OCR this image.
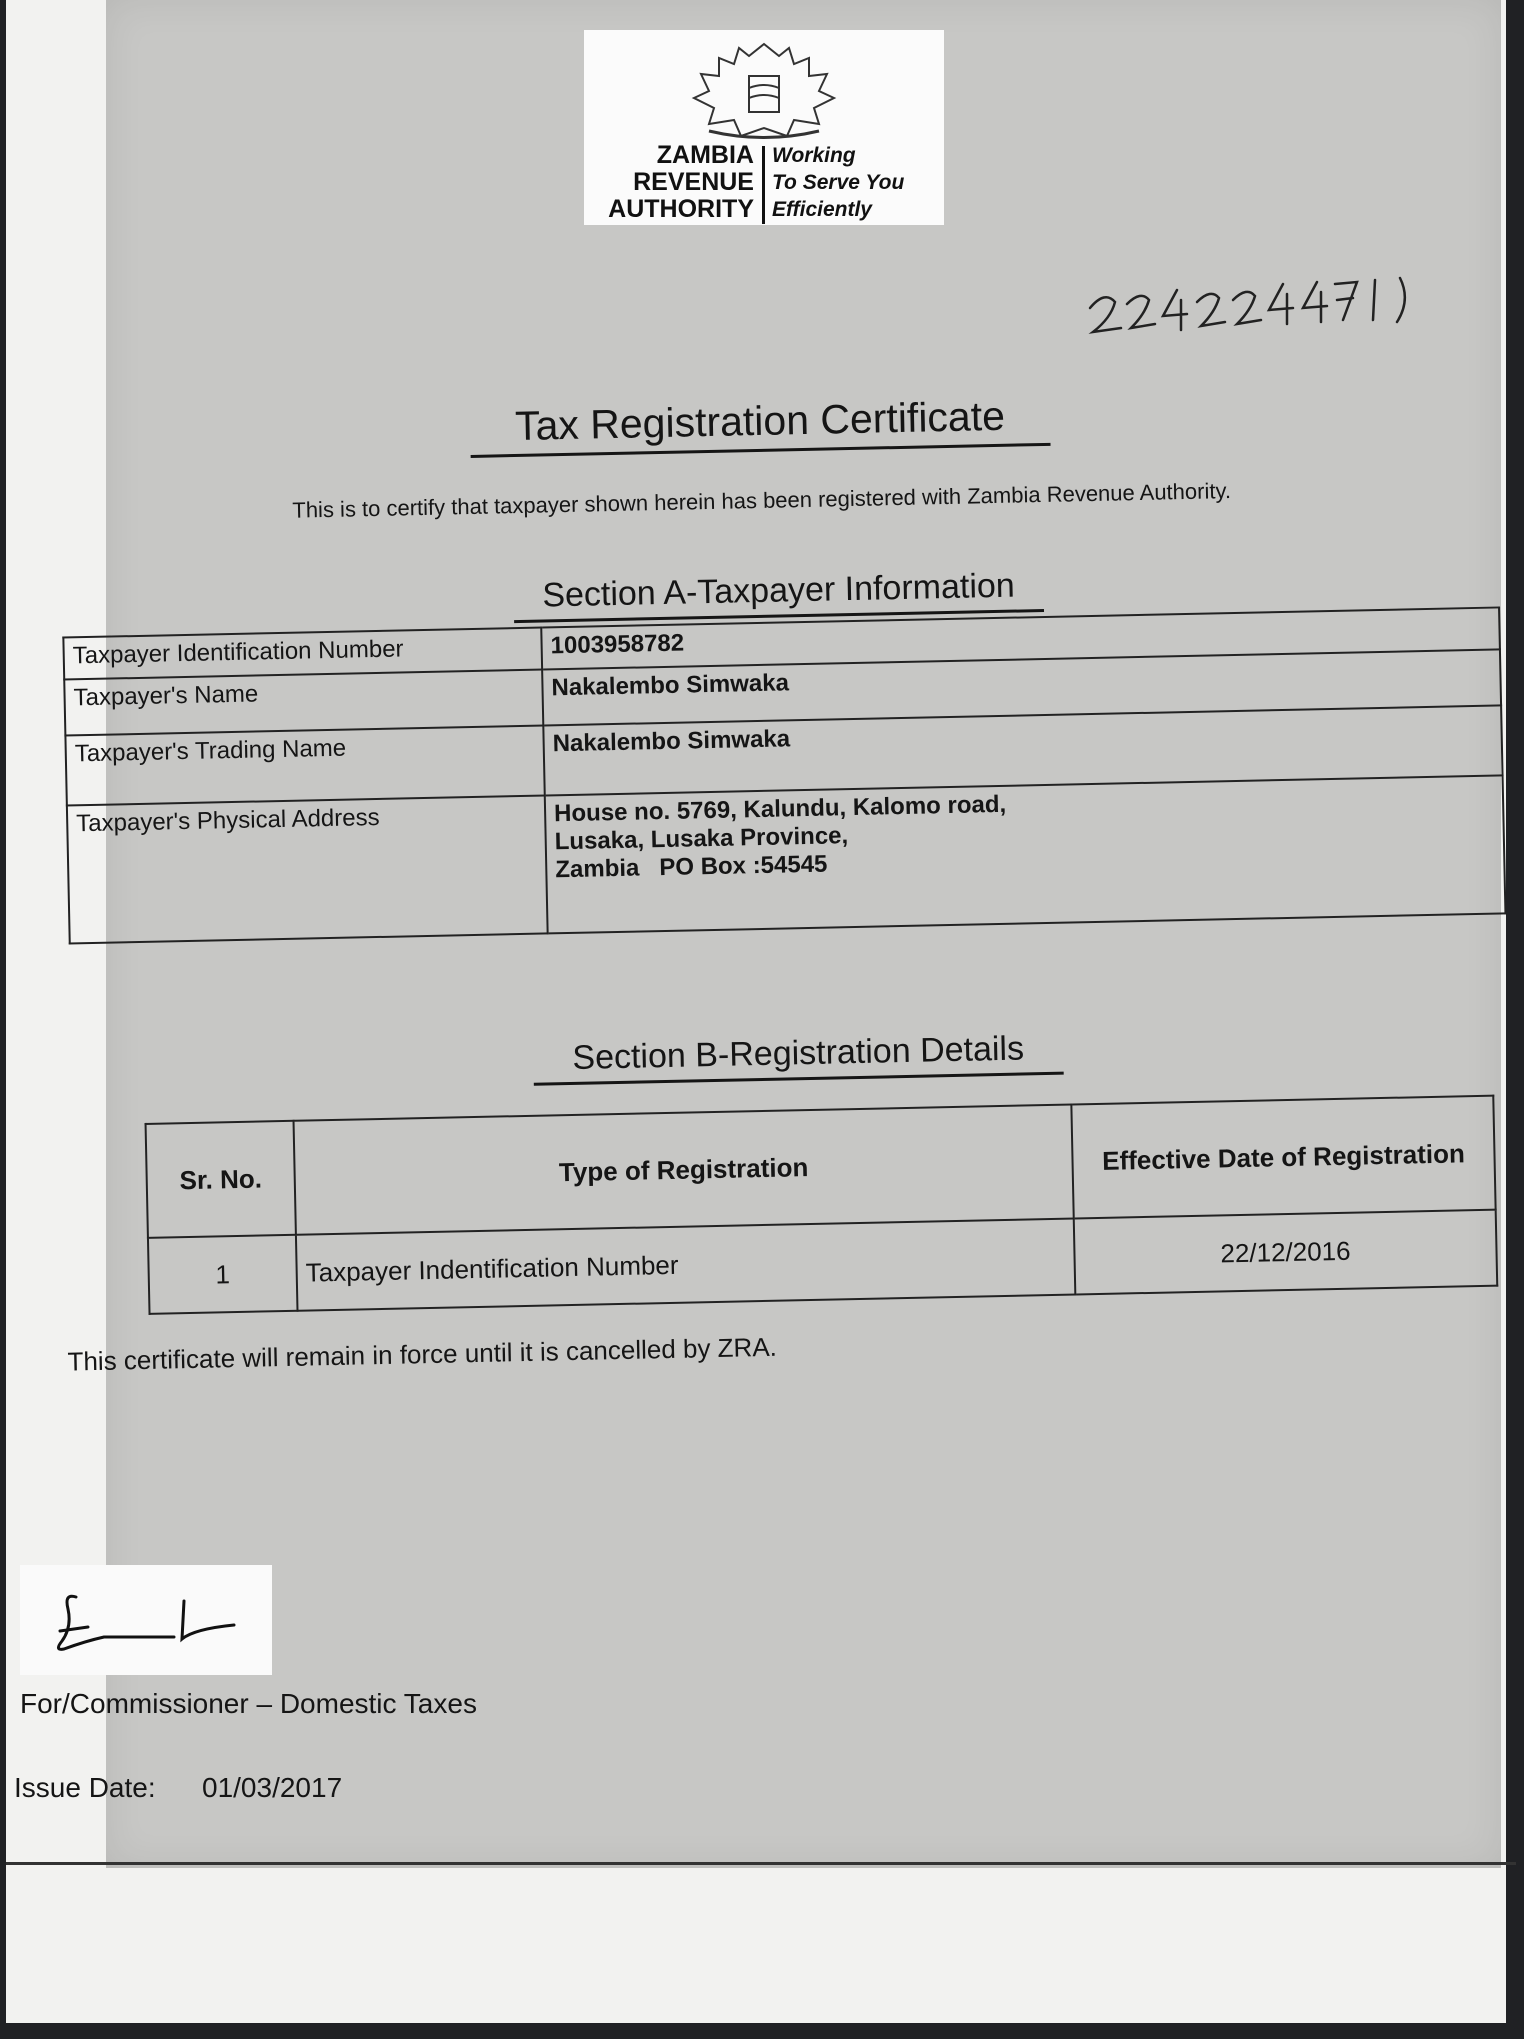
ZAMBIA
REVENUE
AUTHORITY
Working
To Serve You
Efficiently
Tax Registration Certificate
This is to certify that taxpayer shown herein has been registered with Zambia Revenue Authority.
Section A-Taxpayer Information
Taxpayer Identification Number	1003958782
Taxpayer's Name	Nakalembo Simwaka
Taxpayer's Trading Name	Nakalembo Simwaka
Taxpayer's Physical Address	House no. 5769, Kalundu, Kalomo road,
Lusaka, Lusaka Province,
Zambia   PO Box :54545
Section B-Registration Details
Sr. No.	Type of Registration	Effective Date of Registration
1	Taxpayer Indentification Number	22/12/2016
This certificate will remain in force until it is cancelled by ZRA.
For/Commissioner – Domestic Taxes
Issue Date: 01/03/2017
